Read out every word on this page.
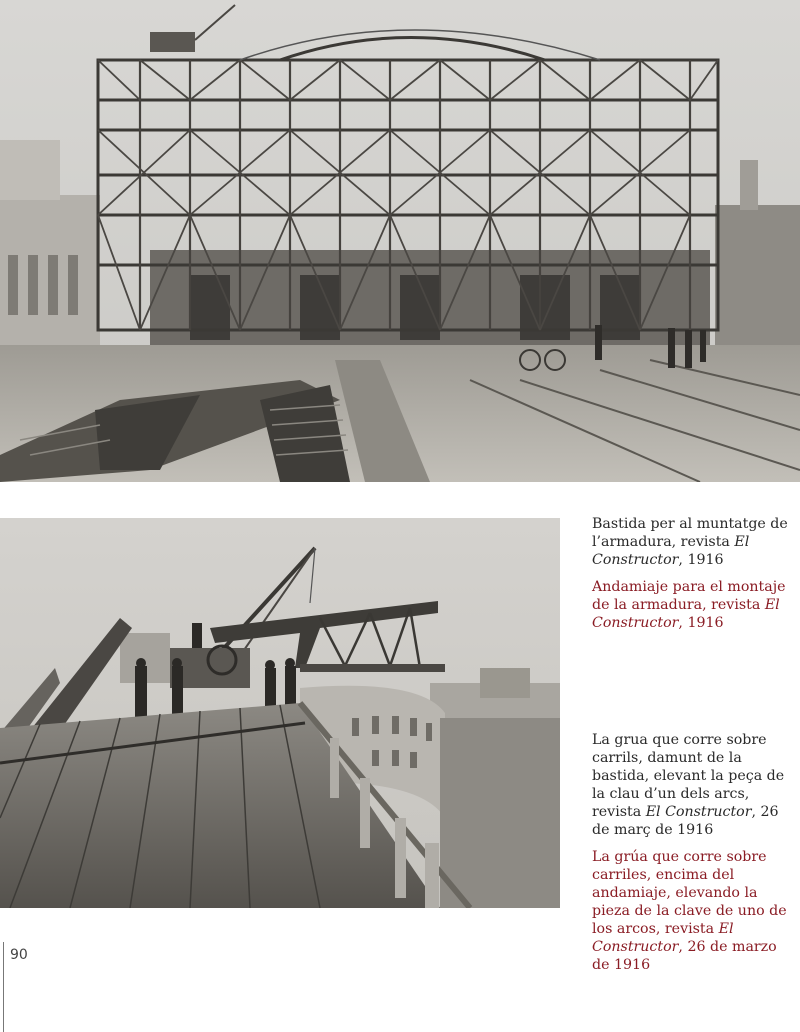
Bastida per al muntatge de l’armadura, revista El Constructor, 1916

Andamiaje para el montaje de la armadura, revista El Constructor, 1916

La grua que corre sobre carrils, damunt de la bastida, elevant la peça de la clau d’un dels arcs, revista El Constructor, 26 de març de 1916

La grúa que corre sobre carriles, encima del andamiaje, elevando la pieza de la clave de uno de los arcos, revista El Constructor, 26 de marzo de 1916

90
